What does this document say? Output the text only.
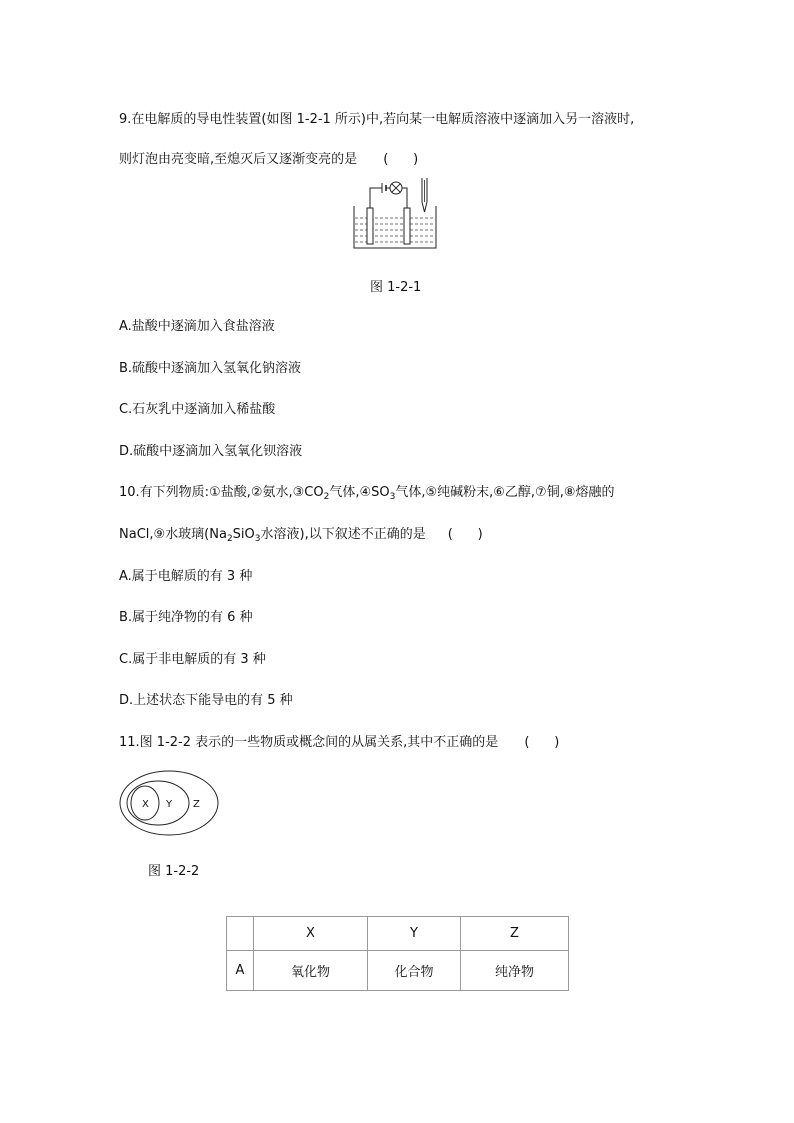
9.在电解质的导电性装置(如图 1-2-1 所示)中,若向某一电解质溶液中逐滴加入另一溶液时,
则灯泡由亮变暗,至熄灭后又逐渐变亮的是 (      )
图 1-2-1
A.盐酸中逐滴加入食盐溶液
B.硫酸中逐滴加入氢氧化钠溶液
C.石灰乳中逐滴加入稀盐酸
D.硫酸中逐滴加入氢氧化钡溶液
10.有下列物质:①盐酸,②氨水$,③CO_2$气体$,④SO_3$气体,⑤纯碱粉末,⑥乙醇,⑦铜,⑧熔融的
NaCl,⑨水玻璃($Na_2SiO_3$水溶液),以下叙述不正确的是 (      )
A.属于电解质的有 3 种
B.属于纯净物的有 6 种
C.属于非电解质的有 3 种
D.上述状态下能导电的有 5 种
11.图 1-2-2 表示的一些物质或概念间的从属关系,其中不正确的是 (      )
X Y Z
图 1-2-2
	X	Y	Z
A	氧化物	化合物	纯净物
